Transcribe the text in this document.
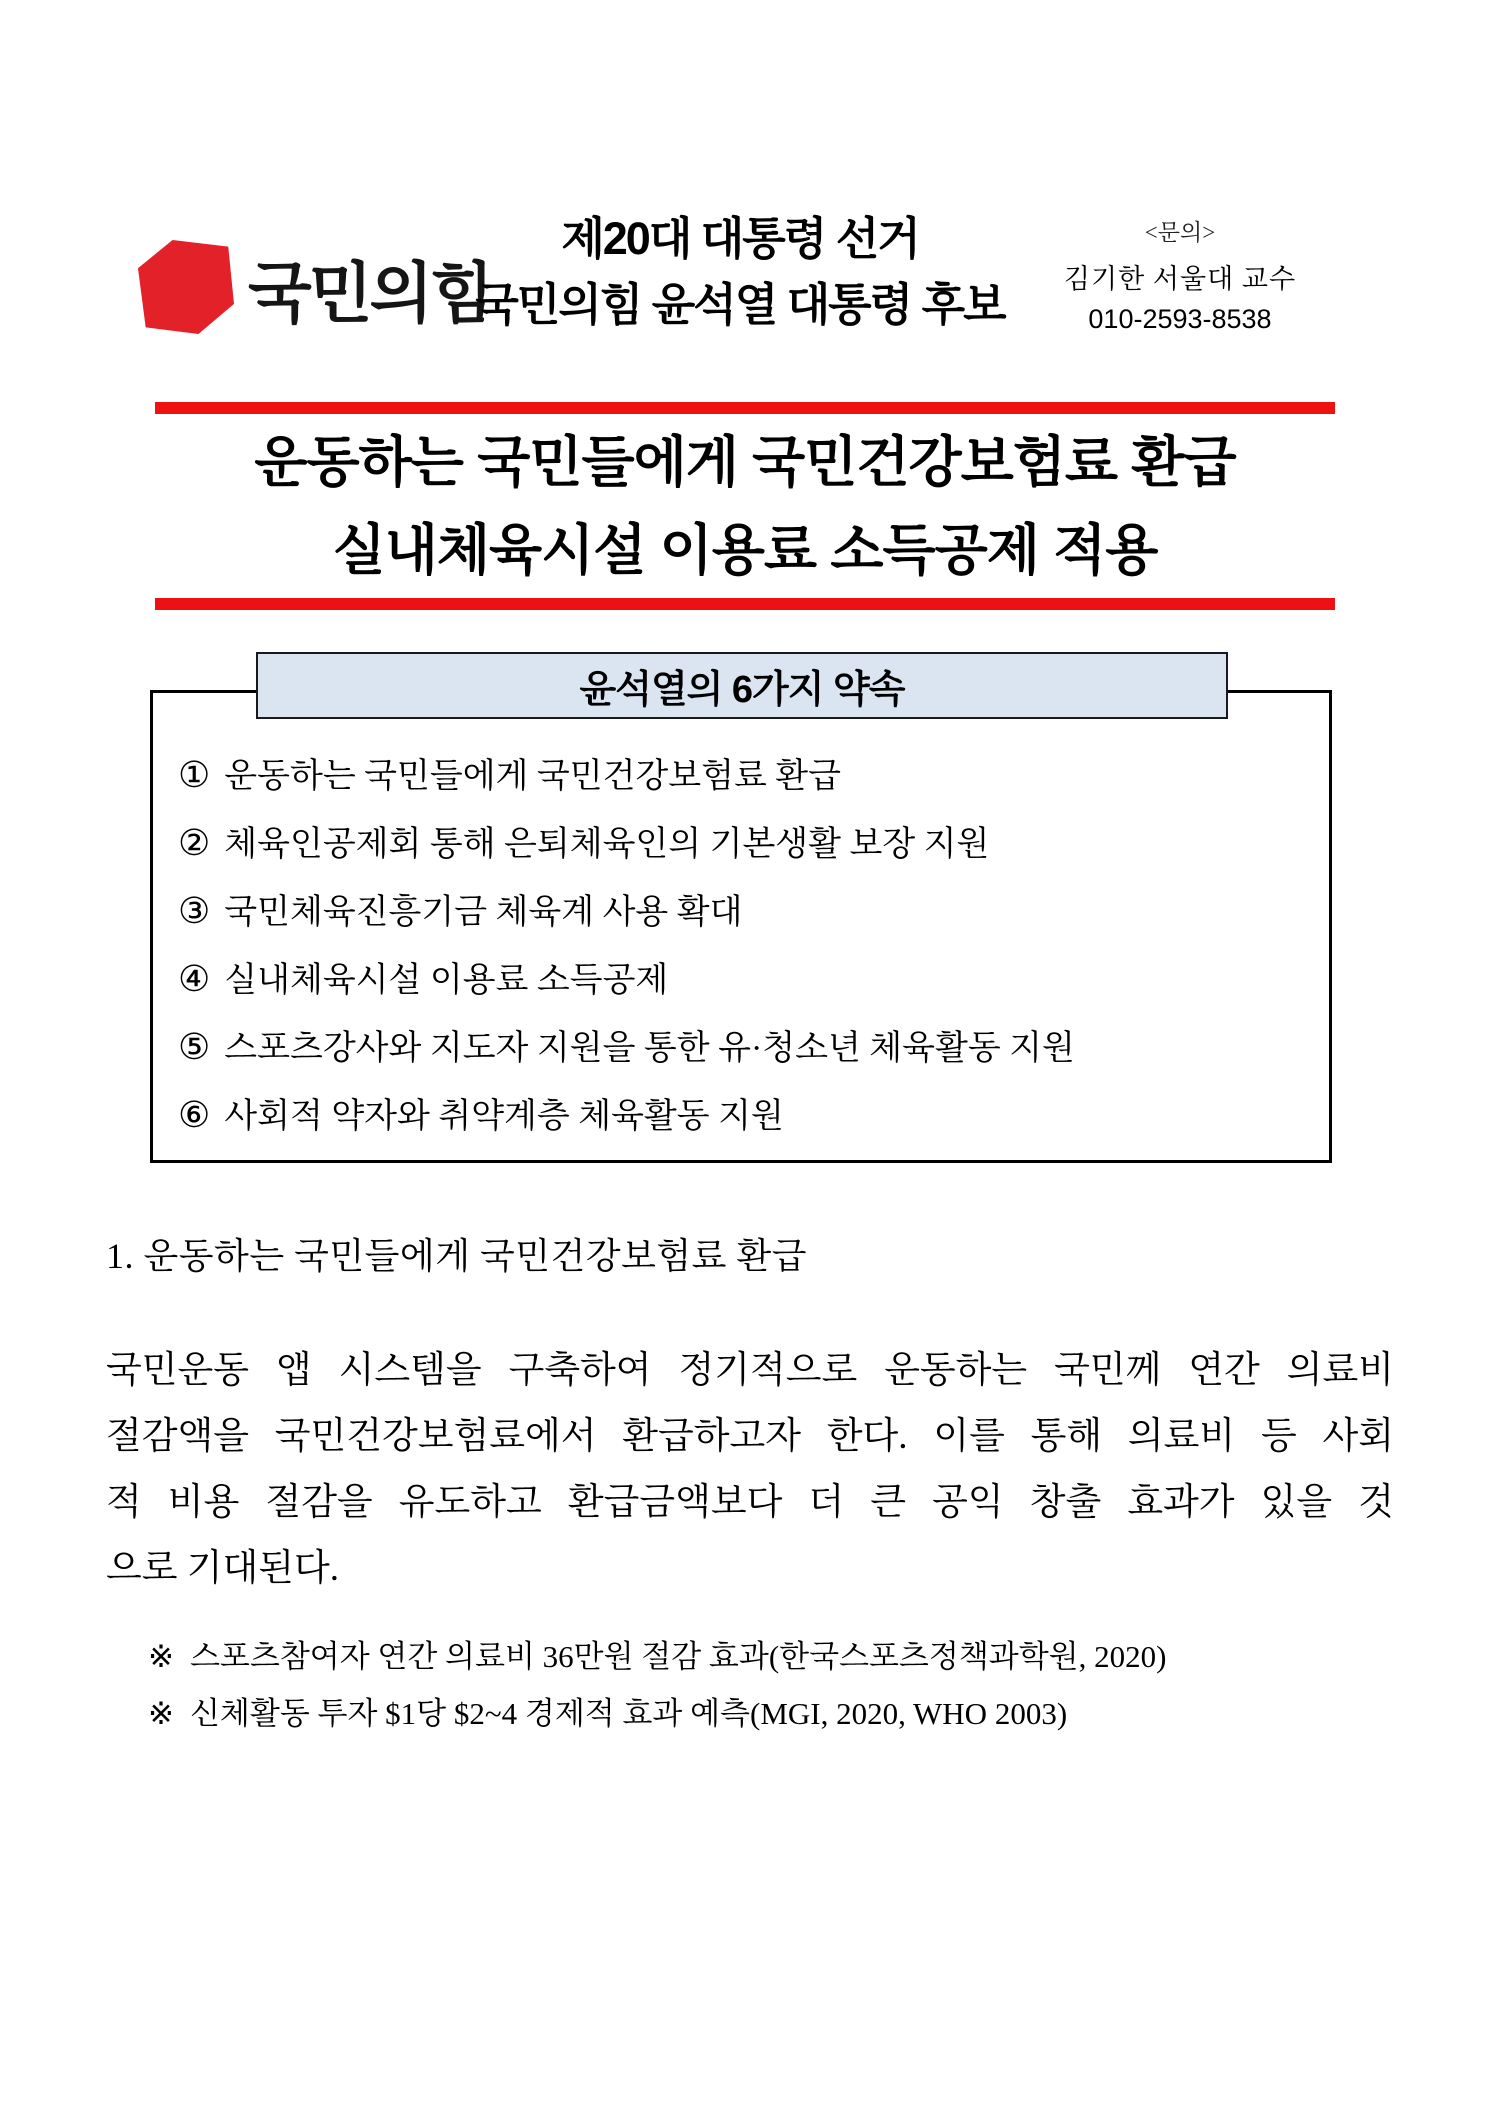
국민의힘
제20대 대통령 선거
국민의힘 윤석열 대통령 후보
<문의>
김기한 서울대 교수
010-2593-8538
운동하는 국민들에게 국민건강보험료 환급
실내체육시설 이용료 소득공제 적용
윤석열의 6가지 약속
① 운동하는 국민들에게 국민건강보험료 환급
② 체육인공제회 통해 은퇴체육인의 기본생활 보장 지원
③ 국민체육진흥기금 체육계 사용 확대
④ 실내체육시설 이용료 소득공제
⑤ 스포츠강사와 지도자 지원을 통한 유·청소년 체육활동 지원
⑥ 사회적 약자와 취약계층 체육활동 지원
1. 운동하는 국민들에게 국민건강보험료 환급
국민운동 앱 시스템을 구축하여 정기적으로 운동하는 국민께 연간 의료비
절감액을 국민건강보험료에서 환급하고자 한다. 이를 통해 의료비 등 사회
적 비용 절감을 유도하고 환급금액보다 더 큰 공익 창출 효과가 있을 것
으로 기대된다.
※ 스포츠참여자 연간 의료비 36만원 절감 효과(한국스포츠정책과학원, 2020)
※ 신체활동 투자 $1당 $2~4 경제적 효과 예측(MGI, 2020, WHO 2003)
